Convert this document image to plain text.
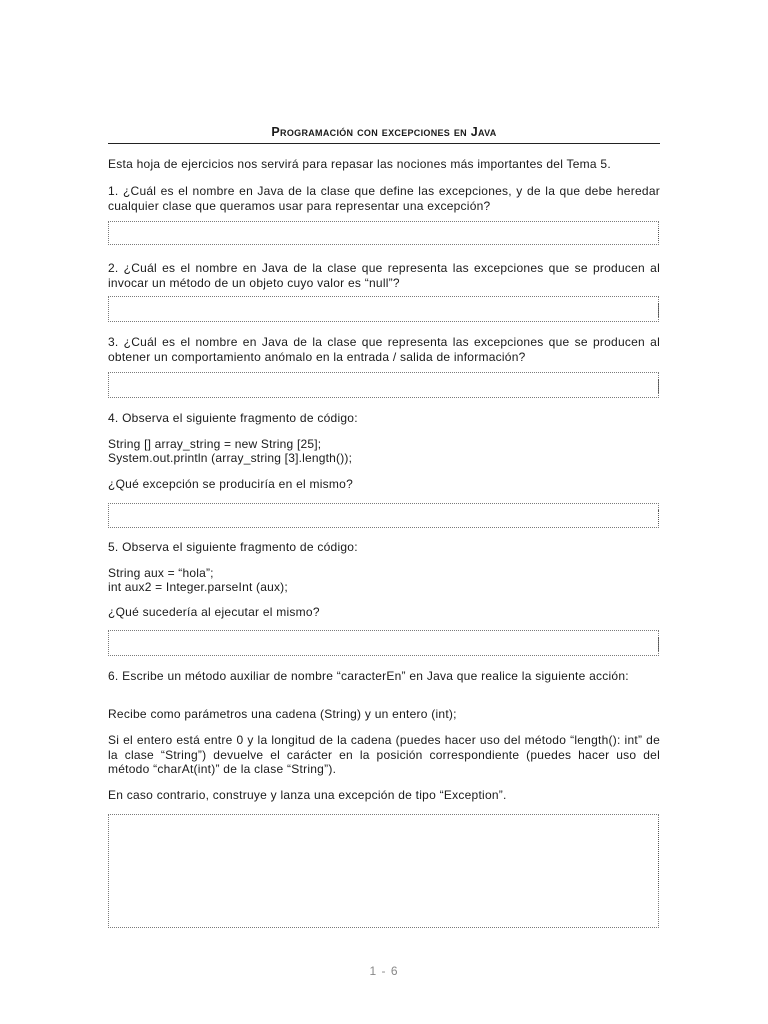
Programación con excepciones en Java

Esta hoja de ejercicios nos servirá para repasar las nociones más importantes del Tema 5.

1. ¿Cuál es el nombre en Java de la clase que define las excepciones, y de la que debe heredar cualquier clase que queramos usar para representar una excepción?

2. ¿Cuál es el nombre en Java de la clase que representa las excepciones que se producen al invocar un método de un objeto cuyo valor es “null”?

3. ¿Cuál es el nombre en Java de la clase que representa las excepciones que se producen al obtener un comportamiento anómalo en la entrada / salida de información?

4. Observa el siguiente fragmento de código:

String [] array_string = new String [25];

System.out.println (array_string [3].length());

¿Qué excepción se produciría en el mismo?

5. Observa el siguiente fragmento de código:

String aux = “hola”;

int aux2 = Integer.parseInt (aux);

¿Qué sucedería al ejecutar el mismo?

6. Escribe un método auxiliar de nombre “caracterEn” en Java que realice la siguiente acción:

Recibe como parámetros una cadena (String) y un entero (int);

Si el entero está entre 0 y la longitud de la cadena (puedes hacer uso del método “length(): int” de la clase “String”) devuelve el carácter en la posición correspondiente (puedes hacer uso del método “charAt(int)” de la clase “String”).

En caso contrario, construye y lanza una excepción de tipo “Exception”.

1 - 6
